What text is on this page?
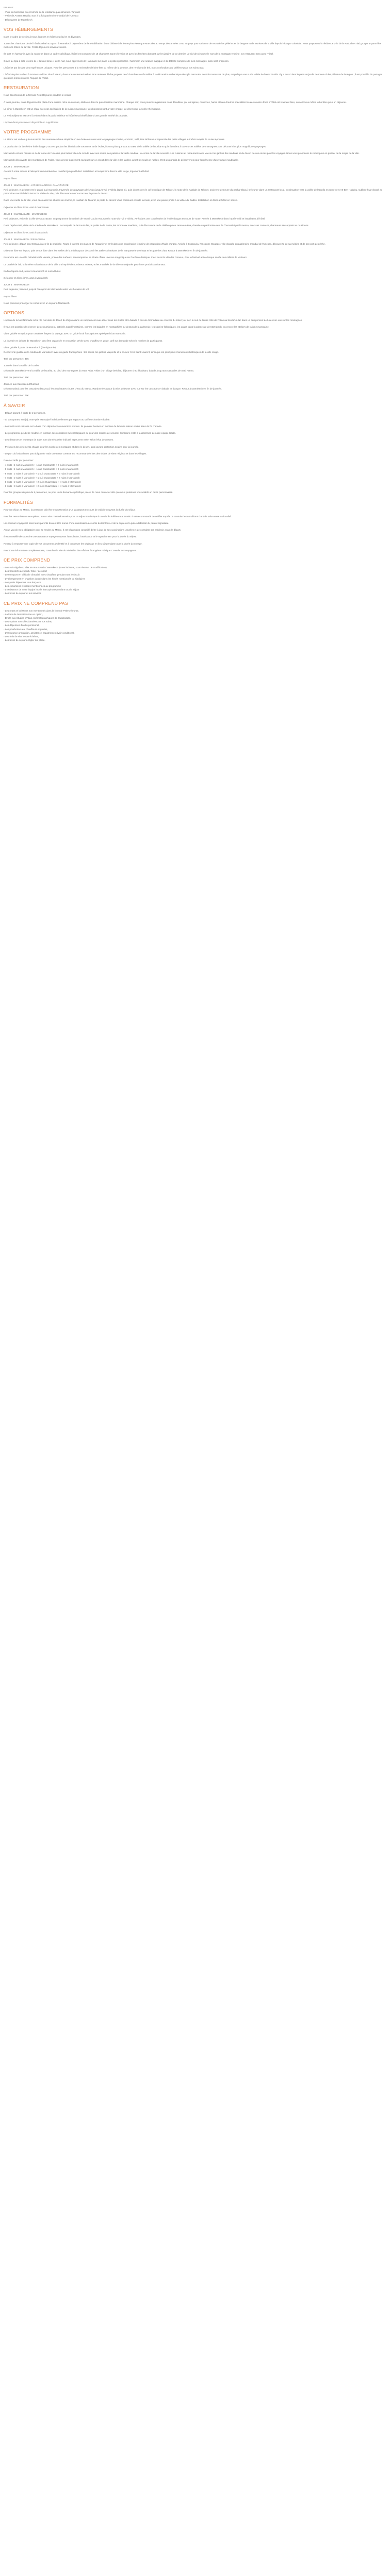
EN AIME
- Vivre en harmonie avec l'armée de la résistance palestinienne. Tarjouet
- Visite de Aït Ben Haddou tout à la fois patrimoine mondial de l'Unesco
- Découverte de Marrakech
VOS HÉBERGEMENTS

Dans le cadre de ce circuit nous logeons en hôtels ou riad et en bivouacs.

Toutes les chambres de de l'hôtel Kasbah & Spa 4* à Marrakech dépendent de la réhabilitation d'une bâtisse à la ferme plus vieux que Mars dès au temps des années 1910 au pays pour sa forme de recevoir les pèlerins et de bergers et de touristes de la ville depuis l'époque coloniale. Nous proposons la résidence 2*/3 de la Kasbah et riad groupe 3* parmi les meilleurs hôtels de la ville. Petits déjeuners servis à volonté.

Ils sont en harmonie avec la nature et dans un cadre spécifique, l'hôtel est composé de 18 chambres sans télévision et avec les fenêtres donnant sur les jardins de ce dernier. Le nid-de-pie porte le nom de la montagne voisine. Ce restaurant sera avec l'hôtel.

Grâce au Spa à coté le nom de « la lune bleue » de la nuit, nous apprécions le Hammam sur place les pistes possibles : hammam une séance magique et la détente complète de mes massages, ainsi sont proposés.

L'hôtel et par la suite des expériences uniques. Pour les personnes à la recherche de bien-être ou même de la détente, des remèdes de thé, nous confondons qui préférez pour vos soins Spa.

L'hôtel de plus tard est à Aït-Ben Haddou. Placé Mauro, dans une ancienne kasbah. Nos maisons d'hôte propose neuf chambres confortables à la décoration authentique de style marocain. Les toits terrasses de plus, magnifique vue sur la vallée de l'oued Ounila. Il y a aussi dans le patio un jardin de roses où les pélerins de la région ; il est possible de partager quelques moments avec l'équipe de l'hôtel.

RESTAURATION

Nous bénéficions de la formule Petit-Déjeuner pendant le circuit.

À la mi-journée, nous dégustons les plats d'une cuisine riche en saveurs, élaborée dans le pure tradition marocaine. Chaque soir, nous pouvons également nous désaltérer par les tajines, couscous, harira et bien d'autres spécialités locales à notre dîner. L'hôtel est vraiment bien, ou se trouve même le berbère pour un déjeuner.

Le dîner à Marrakech est un régal avec nos spécialités de la cuisine marocaine. Les boissons sont à votre charge. Le dîner pour la soirée thématique.

Le Petit-Déjeuner est servi à volonté dans le patio intérieur et l'hôtel sera bénéficiaire d'une grande variété de produits.

L'option demi-pension est disponible en supplément.

VOTRE PROGRAMME

Le Maroc est un lieu qui nous abrite des aventures d'une simplicité d'une durée en route vers les paysages Ourika, Amizmiz, Imlil, Des Brûlures et reprendre les petits villages autrefois remplis de toutes époques.

La production de la célèbre huile d'argan, tout en gardant les bienfaits de nos terres et de l'Atlas, ils sont plus que tout au cœur de la vallée de l'Ourika et qui s'étendent à travers ces vallées de montagnes pour découvrir les plus magnifiques paysages.

Marrakech est une histoire et de la forme de l'une des plus belles villes du monde avec ses souks, ses palais et la vieille médina - le centre de la ville nouvelle. Les cuisines et restaurants avec vue sur les jardins des médinas et du désert de vos envies pour les voyages. Nous vous proposons le circuit pour en profiter de la magie de la ville.

Marrakech découverte des montagnes de l'Atlas, vous devrez également naviguer sur ce circuit dans la ville et les jardins, avant les souks et ruelles. C'est un paradis de découvertes pour l'expérience d'un voyage inoubliable.

JOUR 1 : MARRAKECH

Accueil à votre arrivée à l'aéroport de Marrakech et transfert jusqu'à l'hôtel. Installation et temps libre dans la ville rouge, logement à l'hôtel.

Repas libres

JOUR 2 : MARRAKECH - KIT BENHADDOU / OUARZAZATE

Petit déjeuner, et départ vers le grand sud marocain, traversée des paysages de l'Atlas jusqu'à Tizi n'Tichka (2260 m), puis départ vers le col historique de Telouet, la route de la Kasbah de Telouet, ancienne demeure du pacha Glaoui. Déjeuner dans un restaurant local. Continuation vers la vallée de l'Ounila en route vers Aït-Ben Haddou, sublime ksar classé au patrimoine mondial de l'UNESCO. Visite du site, puis découverte de Ouarzazate, la porte du désert.

Dans une ruelle de la ville, vous découvrez les studios de cinéma, la Kasbah de Taourirt, la porte du désert. Vous continuez ensuite la route, avec une pause photo à la vallée du Dadès. Installation et dîner à l'hôtel en soirée.

Déjeuner et dîner libres. Nuit à Ouarzazate.

JOUR 3 : OUARZAZATE - MARRAKECH

Petit déjeuner, visite de la ville de Ouarzazate, au programme la Kasbah de Taourirt, puis retour par la route du Tizi n'Tichka. Arrêt dans une coopérative de l'huile d'argan en cours de route. Arrivée à Marrakech dans l'après-midi et installation à l'hôtel.

Dans l'après-midi, visite de la médina de Marrakech : la mosquée de la Koutoubia, le palais de la Bahia, les tombeaux saadiens, puis découverte de la célèbre place Jemaa el-Fna, classée au patrimoine oral de l'humanité par l'Unesco, avec ses conteurs, charmeurs de serpents et musiciens.

Déjeuner et dîner libres. Nuit à Marrakech.

JOUR 4 : MARRAKECH / ESSAOUIRA

Petit déjeuner, départ pour Essaouira en fin de matinée. Route à travers les plaines de l'arganier et arrêt dans une coopérative féminine de production d'huile d'argan. Arrivée à Essaouira, l'ancienne Mogador, ville classée au patrimoine mondial de l'Unesco, découverte de sa médina et de son port de pêche.

Déjeuner libre sur le port, puis temps libre dans les ruelles de la médina pour découvrir les ateliers d'artisans de la marqueterie de thuya et les galeries d'art. Retour à Marrakech en fin de journée.

Essaouira est une ville balnéaire très ventée, prisée des surfeurs, son rempart et sa Skala offrent une vue magnifique sur l'océan Atlantique. C'est aussi la ville des Gnaoua, dont le festival attire chaque année des milliers de visiteurs.

La qualité de l'air, la lumière et l'ambiance de la ville ont inspiré de nombreux artistes, et les marchés de la ville sont réputés pour leurs produits artisanaux.

En fin d'après-midi, retour à Marrakech et nuit à l'hôtel.

Déjeuner et dîner libres. Nuit à Marrakech.

JOUR 5 : MARRAKECH

Petit déjeuner, transfert jusqu'à l'aéroport de Marrakech selon vos horaires de vol.

Repas libres

Nous pouvons prolonger ce circuit avec un séjour à Marrakech.

OPTIONS

L'option de la Nuit Nomade inclut : la nuit dans le désert de Zagora dans un campement avec dîner sous les étoiles et la balade à dos de dromadaire au coucher du soleil ; ou bien la nuit de l'autre côté de l'Atlas au bord d'un lac dans un campement de luxe avec vue sur les montagnes.

Il vous est possible de réserver des excursions ou activités supplémentaires, comme les balades en montgolfière au-dessus de la palmeraie, les soirées folkloriques, les quads dans la palmeraie de Marrakech, ou encore les ateliers de cuisine marocaine.

Visite guidée en option pour certaines étapes du voyage, avec un guide local francophone agréé par l'État marocain.

La journée en dehors de Marrakech peut être organisée en excursion privée avec chauffeur et guide, tarif sur demande selon le nombre de participants.

Visite guidée à partir de Marrakech (demi-journée)

Découverte guidée de la médina de Marrakech avec un guide francophone : les souks, les jardins Majorelle et le musée Yves Saint Laurent, ainsi que les principaux monuments historiques de la ville rouge.

Tarif par personne : 45€

Journée dans la vallée de l'Ourika

Départ de Marrakech vers la vallée de l'Ourika, au pied des montagnes du Haut Atlas. Visite d'un village berbère, déjeuner chez l'habitant, balade jusqu'aux cascades de Setti Fatma.

Tarif par personne : 65€

Journée aux Cascades d'Ouzoud

Départ matinal pour les cascades d'Ouzoud, les plus hautes chutes d'eau du Maroc. Randonnée autour du site, déjeuner avec vue sur les cascades et balade en barque. Retour à Marrakech en fin de journée.

Tarif par personne : 75€

À SAVOIR

- Départ garanti à partir de 2 personnes.

- Si vous partez seul(e), votre prix est majoré individuellement par rapport au tarif en chambre double.

- Les tarifs sont calculés sur la base d'un départ entre novembre et mars. Ils peuvent évoluer en fonction de la haute saison et des fêtes de fin d'année.

- Le programme peut être modifié en fonction des conditions météorologiques ou pour des raisons de sécurité, l'itinéraire reste à la discrétion de notre équipe locale.

- Les distances et les temps de trajet sont donnés à titre indicatif et peuvent varier selon l'état des routes.

- Prévoyez des vêtements chauds pour les soirées en montagne et dans le désert, ainsi qu'une protection solaire pour la journée.

- Le port du foulard n'est pas obligatoire mais une tenue correcte est recommandée lors des visites de sites religieux et dans les villages.

Dates et tarifs par personne :
- 4 nuits : 1 nuit à Marrakech + 1 nuit Ouarzazate + 2 nuits à Marrakech
- 5 nuits : 1 nuit à Marrakech + 1 nuit Ouarzazate + 3 nuits à Marrakech
- 6 nuits : 2 nuits à Marrakech + 1 nuit Ouarzazate + 3 nuits à Marrakech
- 7 nuits : 2 nuits à Marrakech + 1 nuit Ouarzazate + 4 nuits à Marrakech
- 8 nuits : 2 nuits à Marrakech + 2 nuits Ouarzazate + 4 nuits à Marrakech
- 9 nuits : 3 nuits à Marrakech + 2 nuits Ouarzazate + 4 nuits à Marrakech

Pour les groupes de plus de 8 personnes, ou pour toute demande spécifique, merci de nous contacter afin que nous puissions vous établir un devis personnalisé.

FORMALITÉS

Pour un séjour au Maroc, la personne doit être en possession d'un passeport en cours de validité couvrant la durée du séjour.

Pour les ressortissants européens, aucun visa n'est nécessaire pour un séjour touristique d'une durée inférieure à 3 mois. Il est recommandé de vérifier auprès du consulat les conditions d'entrée selon votre nationalité.

Les mineurs voyageant sans leurs parents doivent être munis d'une autorisation de sortie du territoire et de la copie de la pièce d'identité du parent signataire.

Aucun vaccin n'est obligatoire pour se rendre au Maroc. Il est néanmoins conseillé d'être à jour de ses vaccinations usuelles et de consulter son médecin avant le départ.

Il est conseillé de souscrire une assurance voyage couvrant l'annulation, l'assistance et le rapatriement pour la durée du séjour.

Pensez à emporter une copie de vos documents d'identité et à conserver les originaux en lieu sûr pendant toute la durée du voyage.

Pour toute information complémentaire, consultez le site du Ministère des Affaires étrangères rubrique Conseils aux voyageurs.

CE PRIX COMPREND
- Les vols réguliers, aller et retour Paris / Marrakech (taxes incluses, sous réserve de modification)
- Les transferts aéroport / hôtel / aéroport
- Le transport en véhicule climatisé avec chauffeur pendant tout le circuit
- L'hébergement en chambre double dans les hôtels mentionnés ou similaires
- Les petits déjeuners tous les jours
- Les excursions et visites mentionnées au programme
- L'assistance de notre équipe locale francophone pendant tout le séjour
- Les taxes de séjour et les services
CE PRIX NE COMPREND PAS
- Les repas et boissons non mentionnés dans la formule Petit-Déjeuner,
- La formule Demi-Pension en option,
- Droits aux Studios d'Atlas cinématographiques de Ouarzazate,
- Les options non sélectionnées par vos soins,
- Les dépenses d'ordre personnel,
- Les pourboires aux chauffeurs et guides,
- L'assurance annulation, assistance, rapatriement (voir conditions),
- Les frais de visa le cas échéant,
- Les taxes de séjour à régler sur place.
